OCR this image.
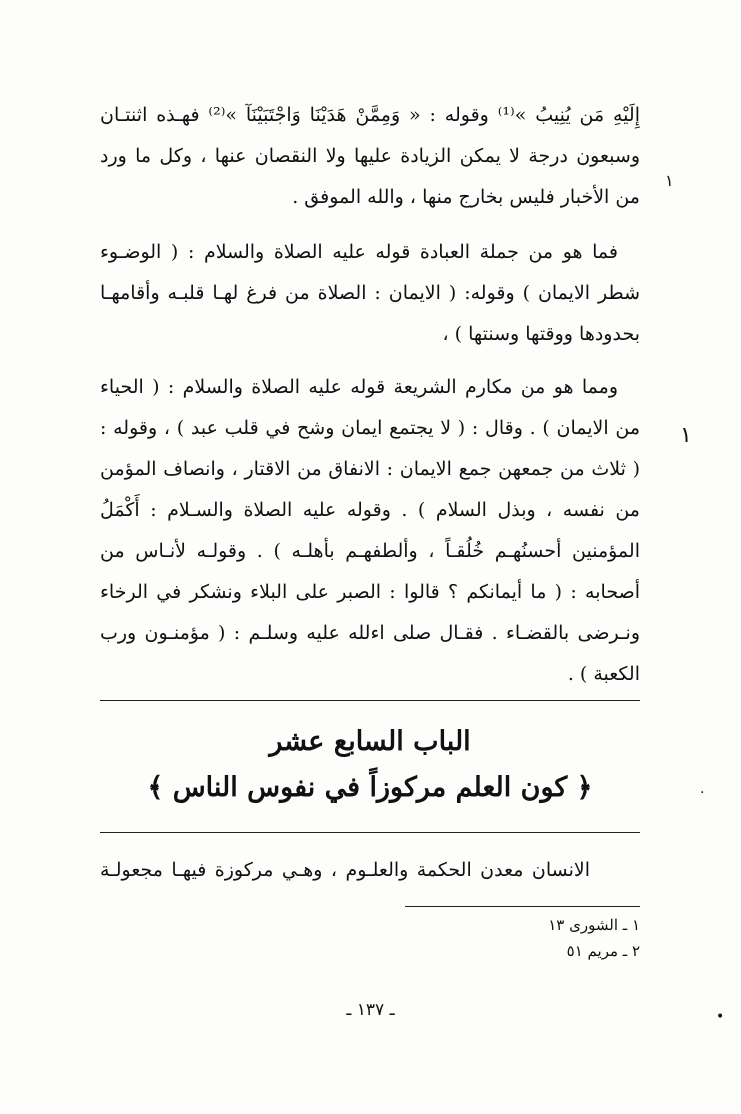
إِلَيْهِ مَن يُنِيبُ »⁽¹⁾ وقوله : « وَمِمَّنْ هَدَيْنَا وَاجْتَبَيْنَآ »⁽²⁾ فهـذه اثنتـان
وسبعون درجة لا يمكن الزيادة عليها ولا النقصان عنها ، وكل ما ورد
من الأخبار فليس بخارج منها ، والله الموفق .
فما هو من جملة العبادة قوله عليه الصلاة والسلام : ( الوضـوء
شطر الايمان ) وقوله: ( الايمان : الصلاة من فرغ لهـا قلبـه وأقامهـا
بحدودها ووقتها وسنتها ) ،
ومما هو من مكارم الشريعة قوله عليه الصلاة والسلام : ( الحياء
من الايمان ) . وقال : ( لا يجتمع ايمان وشح في قلب عبد ) ، وقوله :
( ثلاث من جمعهن جمع الايمان : الانفاق من الاقتار ، وانصاف المؤمن
من نفسه ، وبذل السلام ) . وقوله عليه الصلاة والسـلام : أَكْمَلُ
المؤمنين أحسنُهـم خُلُقـاً ، وألطفهـم بأهلـه ) . وقولـه لأنـاس من
أصحابه : ( ما أيمانكم ؟ قالوا : الصبر على البلاء ونشكر في الرخاء
ونـرضى بالقضـاء . فقـال صلى اءلله عليه وسلـم : ( مؤمنـون ورب
الكعبة ) .
الباب السابع عشر
﴿ كون العلم مركوزاً في نفوس الناس ﴾
الانسان معدن الحكمة والعلـوم ، وهـي مركوزة فيهـا مجعولـة
١ ـ الشورى ١٣
٢ ـ مريم ٥١
ـ ١٣٧ ـ
١
١
.
•
